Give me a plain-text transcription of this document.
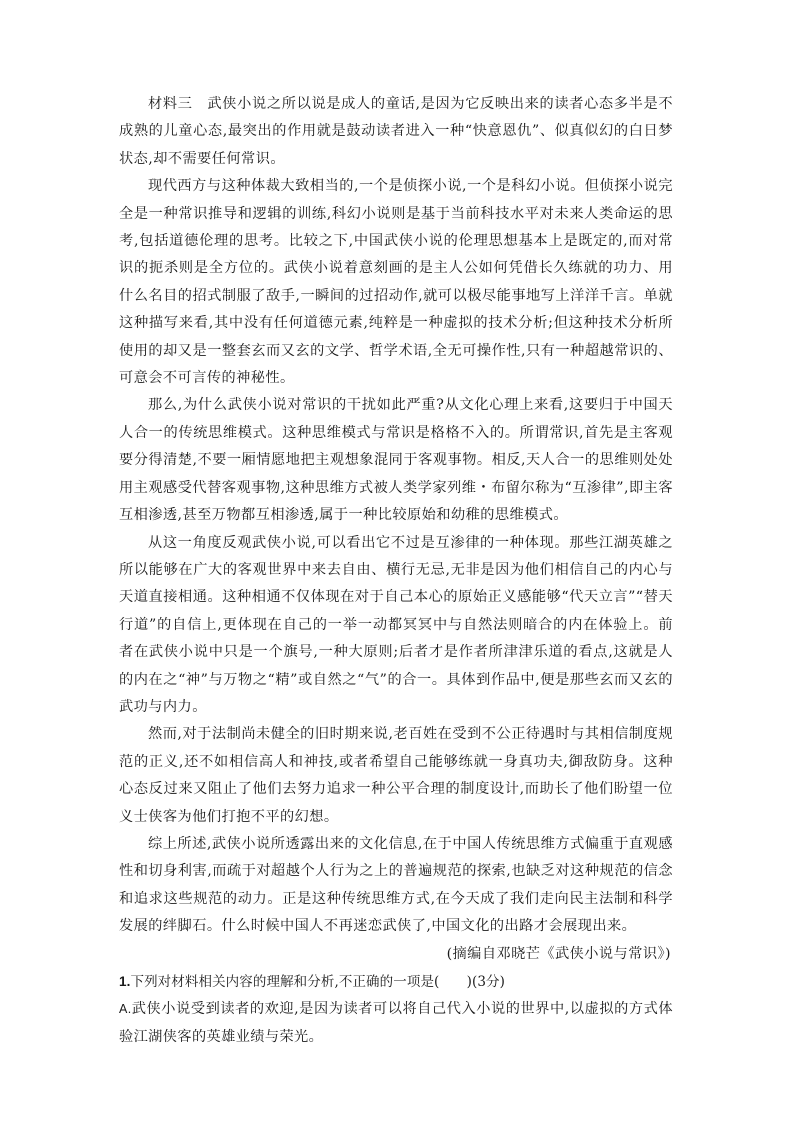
材料三　武侠小说之所以说是成人的童话,是因为它反映出来的读者心态多半是不成熟的儿童心态,最突出的作用就是鼓动读者进入一种“快意恩仇”、似真似幻的白日梦状态,却不需要任何常识。

现代西方与这种体裁大致相当的,一个是侦探小说,一个是科幻小说。但侦探小说完全是一种常识推导和逻辑的训练,科幻小说则是基于当前科技水平对未来人类命运的思考,包括道德伦理的思考。比较之下,中国武侠小说的伦理思想基本上是既定的,而对常识的扼杀则是全方位的。武侠小说着意刻画的是主人公如何凭借长久练就的功力、用什么名目的招式制服了敌手,一瞬间的过招动作,就可以极尽能事地写上洋洋千言。单就这种描写来看,其中没有任何道德元素,纯粹是一种虚拟的技术分析;但这种技术分析所使用的却又是一整套玄而又玄的文学、哲学术语,全无可操作性,只有一种超越常识的、可意会不可言传的神秘性。

那么,为什么武侠小说对常识的干扰如此严重?从文化心理上来看,这要归于中国天人合一的传统思维模式。这种思维模式与常识是格格不入的。所谓常识,首先是主客观要分得清楚,不要一厢情愿地把主观想象混同于客观事物。相反,天人合一的思维则处处用主观感受代替客观事物,这种思维方式被人类学家列维・布留尔称为“互渗律”,即主客互相渗透,甚至万物都互相渗透,属于一种比较原始和幼稚的思维模式。

从这一角度反观武侠小说,可以看出它不过是互渗律的一种体现。那些江湖英雄之所以能够在广大的客观世界中来去自由、横行无忌,无非是因为他们相信自己的内心与天道直接相通。这种相通不仅体现在对于自己本心的原始正义感能够“代天立言”“替天行道”的自信上,更体现在自己的一举一动都冥冥中与自然法则暗合的内在体验上。前者在武侠小说中只是一个旗号,一种大原则;后者才是作者所津津乐道的看点,这就是人的内在之“神”与万物之“精”或自然之“气”的合一。具体到作品中,便是那些玄而又玄的武功与内力。

然而,对于法制尚未健全的旧时期来说,老百姓在受到不公正待遇时与其相信制度规范的正义,还不如相信高人和神技,或者希望自己能够练就一身真功夫,御敌防身。这种心态反过来又阻止了他们去努力追求一种公平合理的制度设计,而助长了他们盼望一位义士侠客为他们打抱不平的幻想。

综上所述,武侠小说所透露出来的文化信息,在于中国人传统思维方式偏重于直观感性和切身利害,而疏于对超越个人行为之上的普遍规范的探索,也缺乏对这种规范的信念和追求这些规范的动力。正是这种传统思维方式,在今天成了我们走向民主法制和科学发展的绊脚石。什么时候中国人不再迷恋武侠了,中国文化的出路才会展现出来。

(摘编自邓晓芒《武侠小说与常识》)

1.下列对材料相关内容的理解和分析,不正确的一项是(　　)(3分)

A.武侠小说受到读者的欢迎,是因为读者可以将自己代入小说的世界中,以虚拟的方式体验江湖侠客的英雄业绩与荣光。
